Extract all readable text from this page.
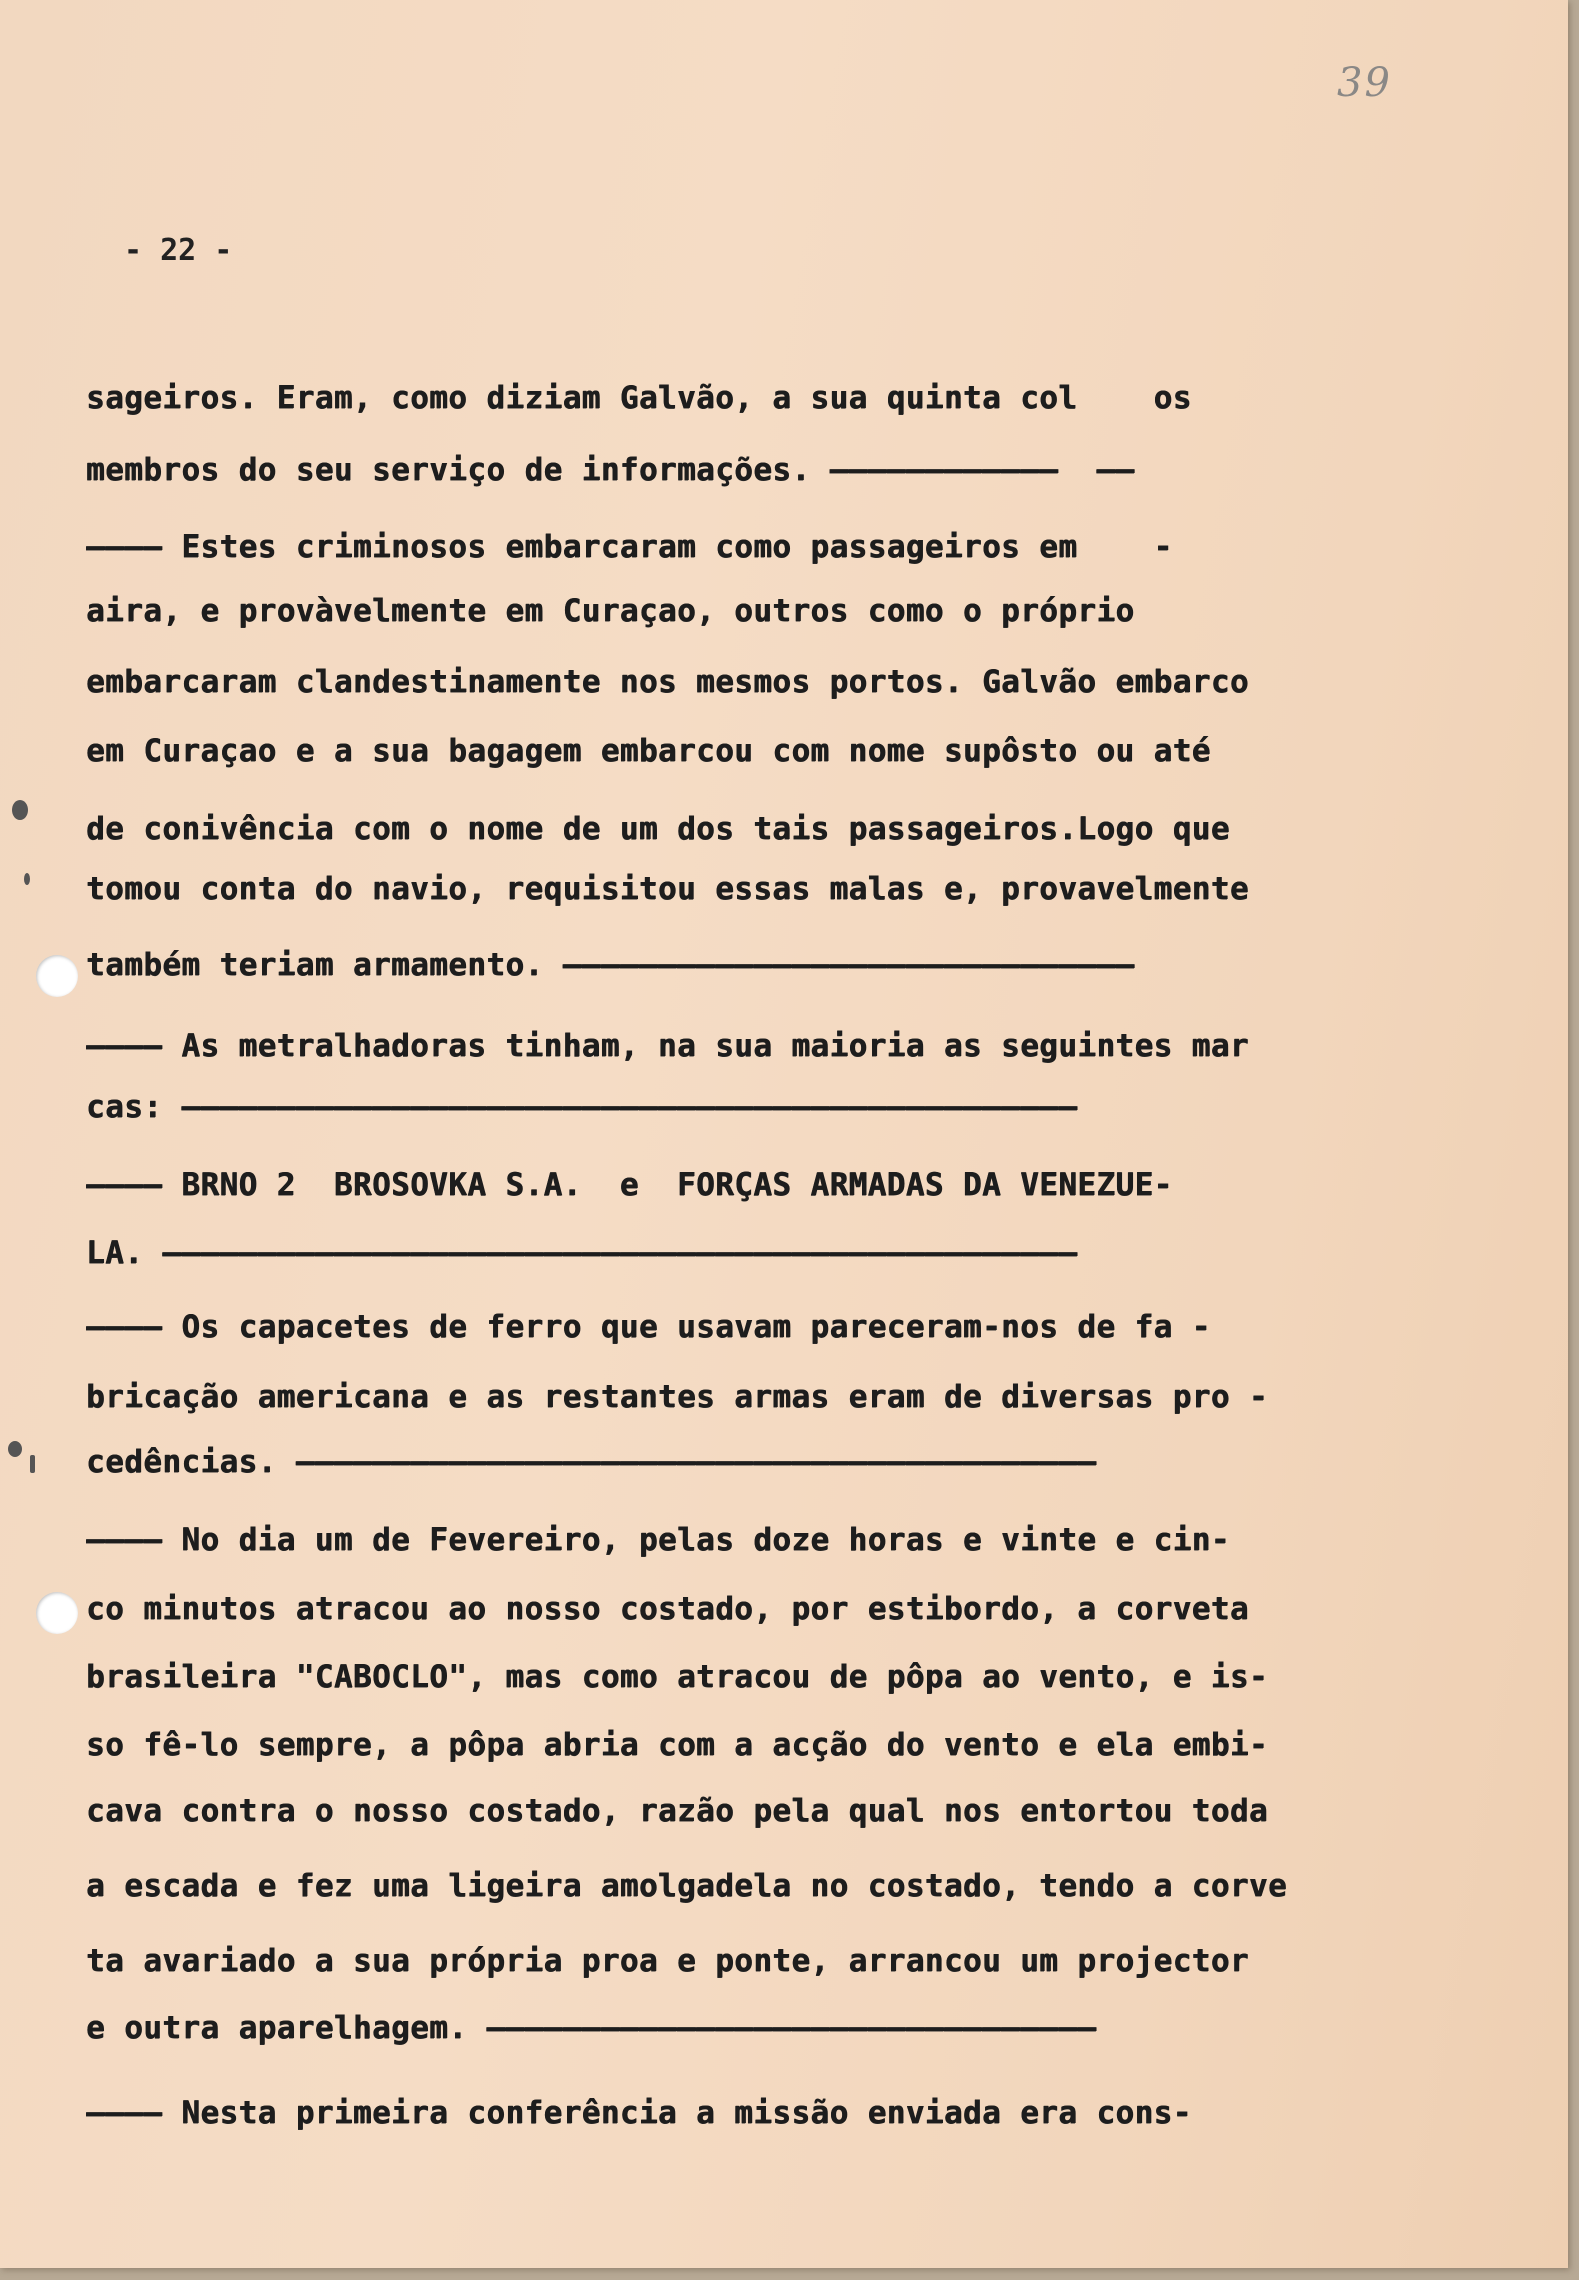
39
- 22 -
sageiros. Eram, como diziam Galvão, a sua quinta col    os
membros do seu serviço de informações. ————————————  ——
———— Estes criminosos embarcaram como passageiros em    -
aira, e provàvelmente em Curaçao, outros como o próprio
embarcaram clandestinamente nos mesmos portos. Galvão embarco
em Curaçao e a sua bagagem embarcou com nome supôsto ou até
de conivência com o nome de um dos tais passageiros.Logo que
tomou conta do navio, requisitou essas malas e, provavelmente
também teriam armamento. ——————————————————————————————
———— As metralhadoras tinham, na sua maioria as seguintes mar
cas: ———————————————————————————————————————————————
———— BRNO 2  BROSOVKA S.A.  e  FORÇAS ARMADAS DA VENEZUE-
LA. ————————————————————————————————————————————————
———— Os capacetes de ferro que usavam pareceram-nos de fa -
bricação americana e as restantes armas eram de diversas pro -
cedências. ——————————————————————————————————————————
———— No dia um de Fevereiro, pelas doze horas e vinte e cin-
co minutos atracou ao nosso costado, por estibordo, a corveta
brasileira "CABOCLO", mas como atracou de pôpa ao vento, e is-
so fê-lo sempre, a pôpa abria com a acção do vento e ela embi-
cava contra o nosso costado, razão pela qual nos entortou toda
a escada e fez uma ligeira amolgadela no costado, tendo a corve
ta avariado a sua própria proa e ponte, arrancou um projector
e outra aparelhagem. ————————————————————————————————
———— Nesta primeira conferência a missão enviada era cons-
